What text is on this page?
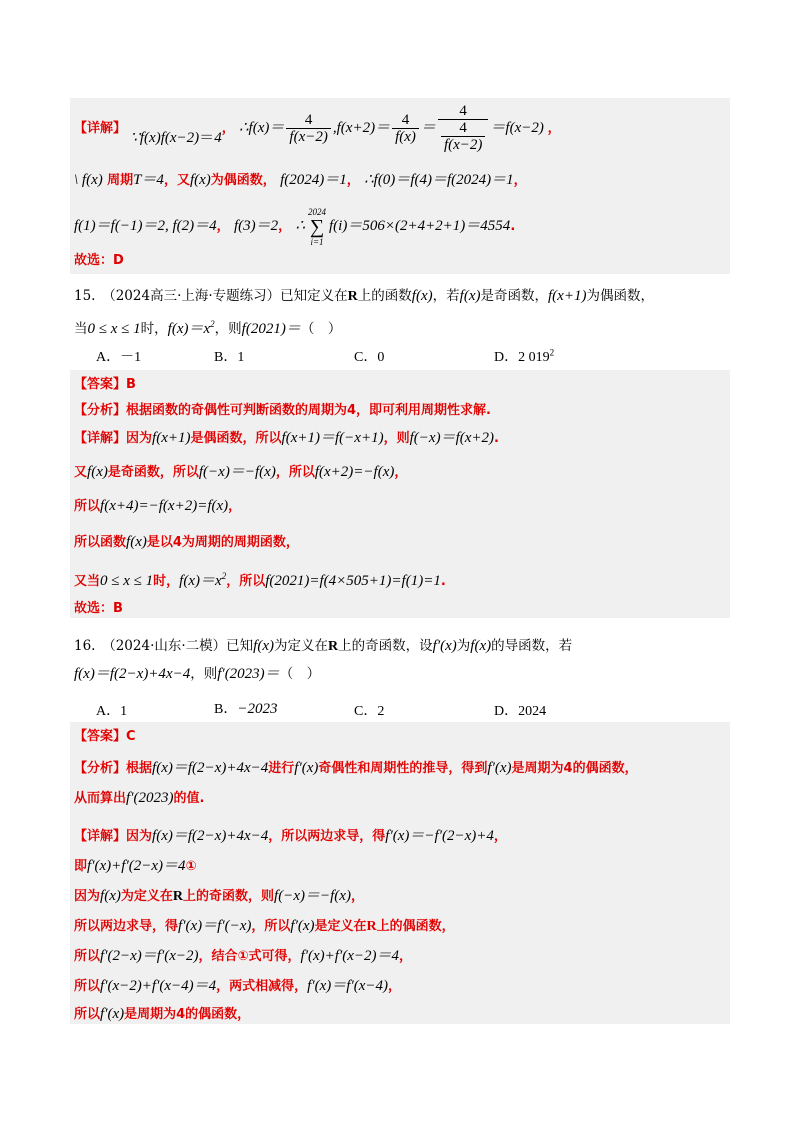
【详解】 ∵f(x)f(x−2)＝4， ∴f(x)＝ $\frac{4}{f(x-2)} ,f(x+2)= \frac{4}{f(x)} = \frac{4}{\frac{4}{f(x-2)}} =f(x-2)$ ，
\ f(x) 周期T＝4，又f(x)为偶函数， f(2024)＝1， ∴f(0)＝f(4)＝f(2024)＝1，
f(1)＝f(−1)＝2, f(2)＝4， f(3)＝2， ∴
2024
∑
i=1
f(i)＝506×(2+4+2+1)＝4554.
故选：D
15.　（2024高三·上海·专题练习）已知定义在R上的函数f(x)，若f(x)是奇函数，f(x+1)为偶函数，
当0 ≤ x ≤ 1时，$f(x)=x^2$，则f(2021)＝（　）
A．－1	B．1	C．0	D．2 $019^2$
【答案】B
【分析】根据函数的奇偶性可判断函数的周期为4，即可利用周期性求解.
【详解】因为f(x+1)是偶函数，所以f(x+1)＝f(−x+1)，则f(−x)＝f(x+2).
又f(x)是奇函数，所以f(−x)＝−f(x)，所以f(x+2)=−f(x)，
所以f(x+4)=−f(x+2)=f(x)，
所以函数f(x)是以4为周期的周期函数，
又当0 ≤ x ≤ 1时，$f(x)=x^2$，所以f(2021)=f(4×505+1)=f(1)=1.
故选：B
16.　（2024·山东·二模）已知f(x)为定义在R上的奇函数，设f′(x)为f(x)的导函数，若
f(x)＝f(2−x)+4x−4，则f′(2023)＝（　）
A．1	B．−2023	C．2	D．2024
【答案】C
【分析】根据f(x)＝f(2−x)+4x−4进行f′(x)奇偶性和周期性的推导，得到f′(x)是周期为4的偶函数，
从而算出f′(2023)的值.
【详解】因为f(x)＝f(2−x)+4x−4，所以两边求导，得f′(x)＝−f′(2−x)+4，
即f′(x)+f′(2−x)＝4①
因为f(x)为定义在R上的奇函数，则f(−x)＝−f(x)，
所以两边求导，得f′(x)＝f′(−x)，所以f′(x)是定义在R上的偶函数，
所以f′(2−x)＝f′(x−2)，结合①式可得，f′(x)+f′(x−2)＝4，
所以f′(x−2)+f′(x−4)＝4，两式相减得，f′(x)＝f′(x−4)，
所以f′(x)是周期为4的偶函数，
